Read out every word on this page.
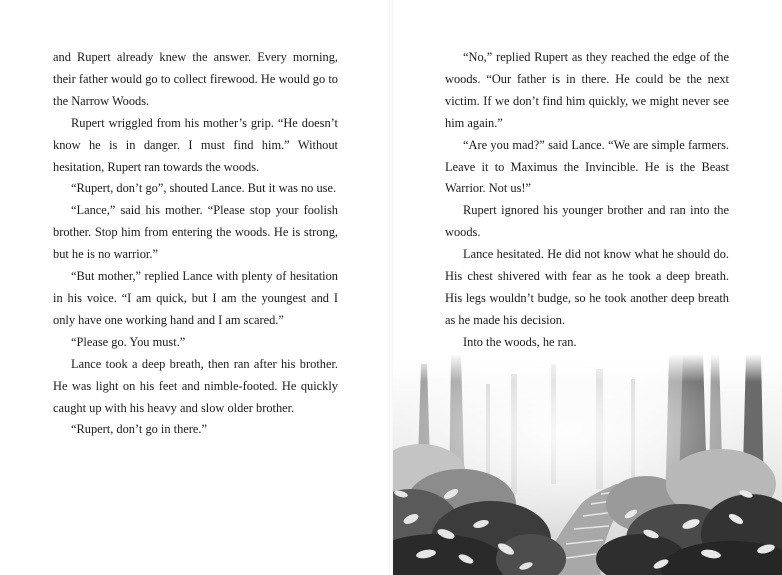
and Rupert already knew the answer. Every morning, their father would go to collect firewood. He would go to the Narrow Woods.

Rupert wriggled from his mother’s grip. “He doesn’t know he is in danger. I must find him.” Without hesitation, Rupert ran towards the woods.

“Rupert, don’t go”, shouted Lance. But it was no use.

“Lance,” said his mother. “Please stop your foolish brother. Stop him from entering the woods. He is strong, but he is no warrior.”

“But mother,” replied Lance with plenty of hesitation in his voice. “I am quick, but I am the youngest and I only have one working hand and I am scared.”

“Please go. You must.”

Lance took a deep breath, then ran after his brother. He was light on his feet and nimble-footed. He quickly caught up with his heavy and slow older brother.

“Rupert, don’t go in there.”

“No,” replied Rupert as they reached the edge of the woods. “Our father is in there. He could be the next victim. If we don’t find him quickly, we might never see him again.”

“Are you mad?” said Lance. “We are simple farmers. Leave it to Maximus the Invincible. He is the Beast Warrior. Not us!”

Rupert ignored his younger brother and ran into the woods.

Lance hesitated. He did not know what he should do. His chest shivered with fear as he took a deep breath. His legs wouldn’t budge, so he took another deep breath as he made his decision.

Into the woods, he ran.
